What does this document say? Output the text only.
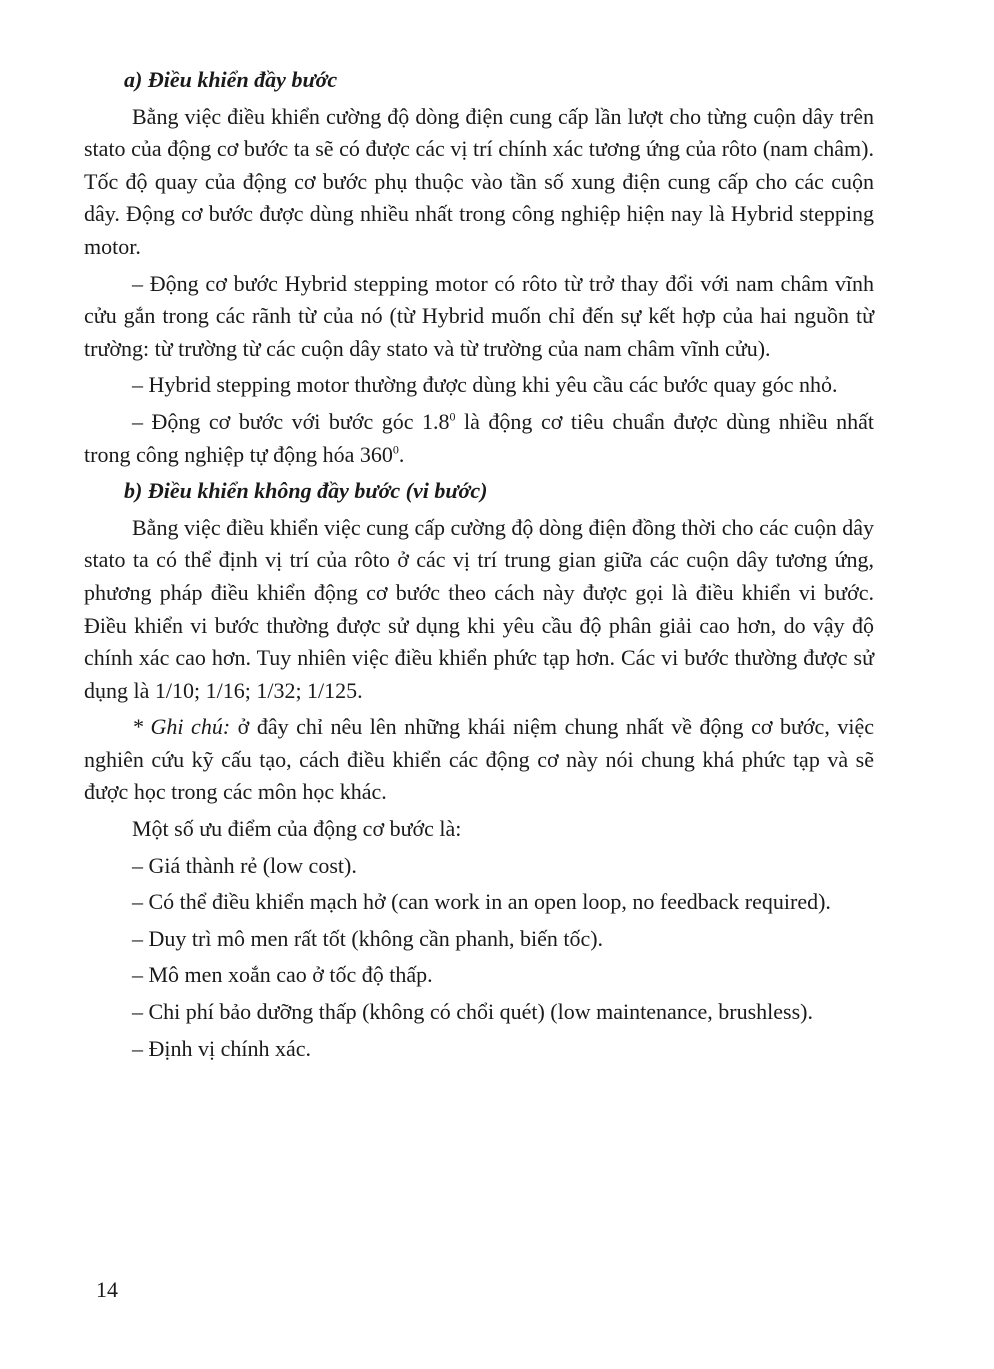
a) Điều khiển đầy bước

Bằng việc điều khiển cường độ dòng điện cung cấp lần lượt cho từng cuộn dây trên stato của động cơ bước ta sẽ có được các vị trí chính xác tương ứng của rôto (nam châm). Tốc độ quay của động cơ bước phụ thuộc vào tần số xung điện cung cấp cho các cuộn dây. Động cơ bước được dùng nhiều nhất trong công nghiệp hiện nay là Hybrid stepping motor.

– Động cơ bước Hybrid stepping motor có rôto từ trở thay đổi với nam châm vĩnh cửu gắn trong các rãnh từ của nó (từ Hybrid muốn chỉ đến sự kết hợp của hai nguồn từ trường: từ trường từ các cuộn dây stato và từ trường của nam châm vĩnh cửu).

– Hybrid stepping motor thường được dùng khi yêu cầu các bước quay góc nhỏ.

– Động cơ bước với bước góc $1.8^0$ là động cơ tiêu chuẩn được dùng nhiều nhất trong công nghiệp tự động hóa $360^0$.

b) Điều khiển không đầy bước (vi bước)

Bằng việc điều khiển việc cung cấp cường độ dòng điện đồng thời cho các cuộn dây stato ta có thể định vị trí của rôto ở các vị trí trung gian giữa các cuộn dây tương ứng, phương pháp điều khiển động cơ bước theo cách này được gọi là điều khiển vi bước. Điều khiển vi bước thường được sử dụng khi yêu cầu độ phân giải cao hơn, do vậy độ chính xác cao hơn. Tuy nhiên việc điều khiển phức tạp hơn. Các vi bước thường được sử dụng là 1/10; 1/16; 1/32; 1/125.

* Ghi chú: ở đây chỉ nêu lên những khái niệm chung nhất về động cơ bước, việc nghiên cứu kỹ cấu tạo, cách điều khiển các động cơ này nói chung khá phức tạp và sẽ được học trong các môn học khác.

Một số ưu điểm của động cơ bước là:

– Giá thành rẻ (low cost).

– Có thể điều khiển mạch hở (can work in an open loop, no feedback required).

– Duy trì mô men rất tốt (không cần phanh, biến tốc).

– Mô men xoắn cao ở tốc độ thấp.

– Chi phí bảo dưỡng thấp (không có chổi quét) (low maintenance, brushless).

– Định vị chính xác.

14
